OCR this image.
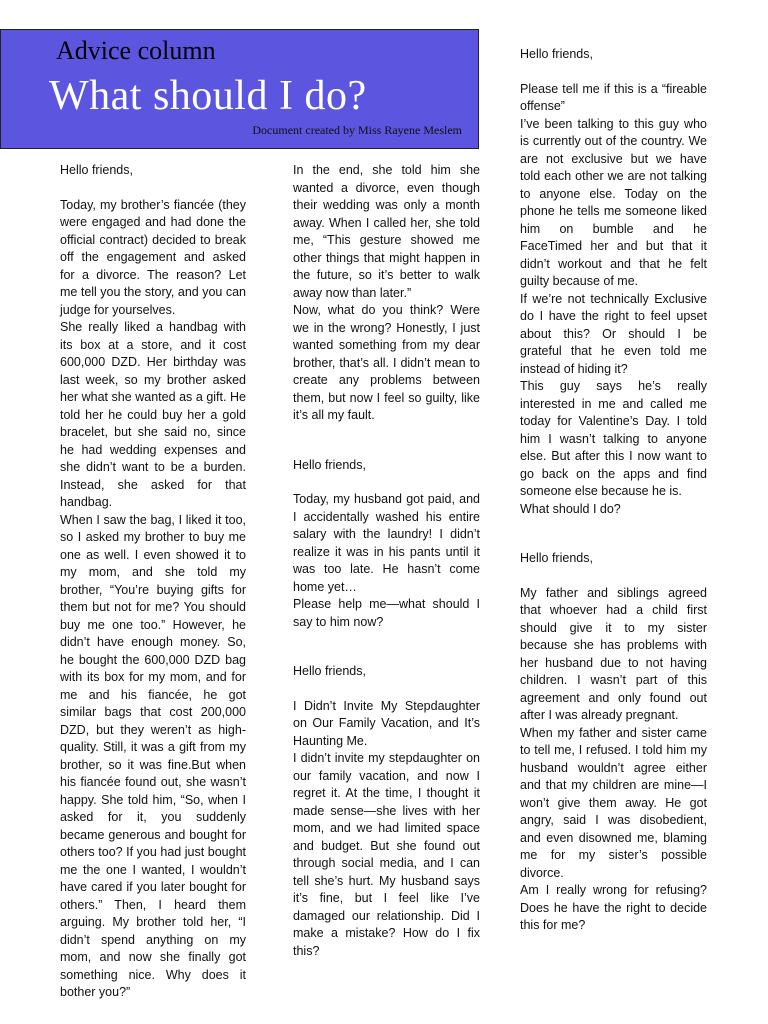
Advice column
What should I do?
Document created by Miss Rayene Meslem

Hello friends,

Today, my brother’s fiancée (they were engaged and had done the official contract) decided to break off the engagement and asked for a divorce. The reason? Let me tell you the story, and you can judge for yourselves.

She really liked a handbag with its box at a store, and it cost 600,000 DZD. Her birthday was last week, so my brother asked her what she wanted as a gift. He told her he could buy her a gold bracelet, but she said no, since he had wedding expenses and she didn’t want to be a burden. Instead, she asked for that handbag.

When I saw the bag, I liked it too, so I asked my brother to buy me one as well. I even showed it to my mom, and she told my brother, “You’re buying gifts for them but not for me? You should buy me one too.” However, he didn’t have enough money. So, he bought the 600,000 DZD bag with its box for my mom, and for me and his fiancée, he got similar bags that cost 200,000 DZD, but they weren’t as high-quality. Still, it was a gift from my brother, so it was fine.But when his fiancée found out, she wasn’t happy. She told him, “So, when I asked for it, you suddenly became generous and bought for others too? If you had just bought me the one I wanted, I wouldn’t have cared if you later bought for others.” Then, I heard them arguing. My brother told her, “I didn’t spend anything on my mom, and now she finally got something nice. Why does it bother you?”

In the end, she told him she wanted a divorce, even though their wedding was only a month away. When I called her, she told me, “This gesture showed me other things that might happen in the future, so it’s better to walk away now than later.”

Now, what do you think? Were we in the wrong? Honestly, I just wanted something from my dear brother, that’s all. I didn’t mean to create any problems between them, but now I feel so guilty, like it’s all my fault.

Hello friends,

Today, my husband got paid, and I accidentally washed his entire salary with the laundry! I didn’t realize it was in his pants until it was too late. He hasn’t come home yet…

Please help me—what should I say to him now?

Hello friends,

I Didn’t Invite My Stepdaughter on Our Family Vacation, and It’s Haunting Me.

I didn’t invite my stepdaughter on our family vacation, and now I regret it. At the time, I thought it made sense—she lives with her mom, and we had limited space and budget. But she found out through social media, and I can tell she’s hurt. My husband says it’s fine, but I feel like I’ve damaged our relationship. Did I make a mistake? How do I fix this?

Hello friends,

Please tell me if this is a “fireable offense”

I’ve been talking to this guy who is currently out of the country. We are not exclusive but we have told each other we are not talking to anyone else. Today on the phone he tells me someone liked him on bumble and he FaceTimed her and but that it didn’t workout and that he felt guilty because of me.

If we’re not technically Exclusive do I have the right to feel upset about this? Or should I be grateful that he even told me instead of hiding it?

This guy says he’s really interested in me and called me today for Valentine’s Day. I told him I wasn’t talking to anyone else. But after this I now want to go back on the apps and find someone else because he is.

What should I do?

Hello friends,

My father and siblings agreed that whoever had a child first should give it to my sister because she has problems with her husband due to not having children. I wasn’t part of this agreement and only found out after I was already pregnant.

When my father and sister came to tell me, I refused. I told him my husband wouldn’t agree either and that my children are mine—I won’t give them away. He got angry, said I was disobedient, and even disowned me, blaming me for my sister’s possible divorce.

Am I really wrong for refusing? Does he have the right to decide this for me?
